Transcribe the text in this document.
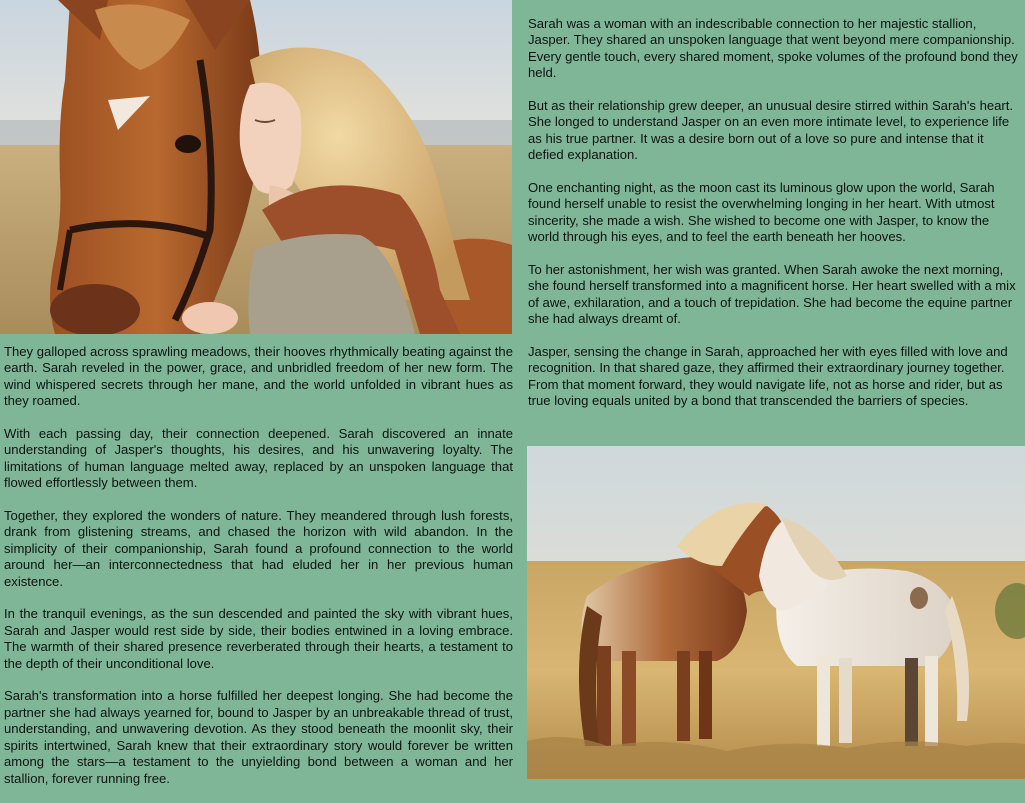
Sarah was a woman with an indescribable connection to her majestic stallion, Jasper. They shared an unspoken language that went beyond mere companionship. Every gentle touch, every shared moment, spoke volumes of the profound bond they held.

But as their relationship grew deeper, an unusual desire stirred within Sarah's heart. She longed to understand Jasper on an even more intimate level, to experience life as his true partner. It was a desire born out of a love so pure and intense that it defied explanation.

One enchanting night, as the moon cast its luminous glow upon the world, Sarah found herself unable to resist the overwhelming longing in her heart. With utmost sincerity, she made a wish. She wished to become one with Jasper, to know the world through his eyes, and to feel the earth beneath her hooves.

To her astonishment, her wish was granted. When Sarah awoke the next morning, she found herself transformed into a magnificent horse. Her heart swelled with a mix of awe, exhilaration, and a touch of trepidation. She had become the equine partner she had always dreamt of.

Jasper, sensing the change in Sarah, approached her with eyes filled with love and recognition. In that shared gaze, they affirmed their extraordinary journey together. From that moment forward, they would navigate life, not as horse and rider, but as true loving equals united by a bond that transcended the barriers of species.

They galloped across sprawling meadows, their hooves rhythmically beating against the earth. Sarah reveled in the power, grace, and unbridled freedom of her new form. The wind whispered secrets through her mane, and the world unfolded in vibrant hues as they roamed.

With each passing day, their connection deepened. Sarah discovered an innate understanding of Jasper's thoughts, his desires, and his unwavering loyalty. The limitations of human language melted away, replaced by an unspoken language that flowed effortlessly between them.

Together, they explored the wonders of nature. They meandered through lush forests, drank from glistening streams, and chased the horizon with wild abandon. In the simplicity of their companionship, Sarah found a profound connection to the world around her—an interconnectedness that had eluded her in her previous human existence.

In the tranquil evenings, as the sun descended and painted the sky with vibrant hues, Sarah and Jasper would rest side by side, their bodies entwined in a loving embrace. The warmth of their shared presence reverberated through their hearts, a testament to the depth of their unconditional love.

Sarah's transformation into a horse fulfilled her deepest longing. She had become the partner she had always yearned for, bound to Jasper by an unbreakable thread of trust, understanding, and unwavering devotion. As they stood beneath the moonlit sky, their spirits intertwined, Sarah knew that their extraordinary story would forever be written among the stars—a testament to the unyielding bond between a woman and her stallion, forever running free.
